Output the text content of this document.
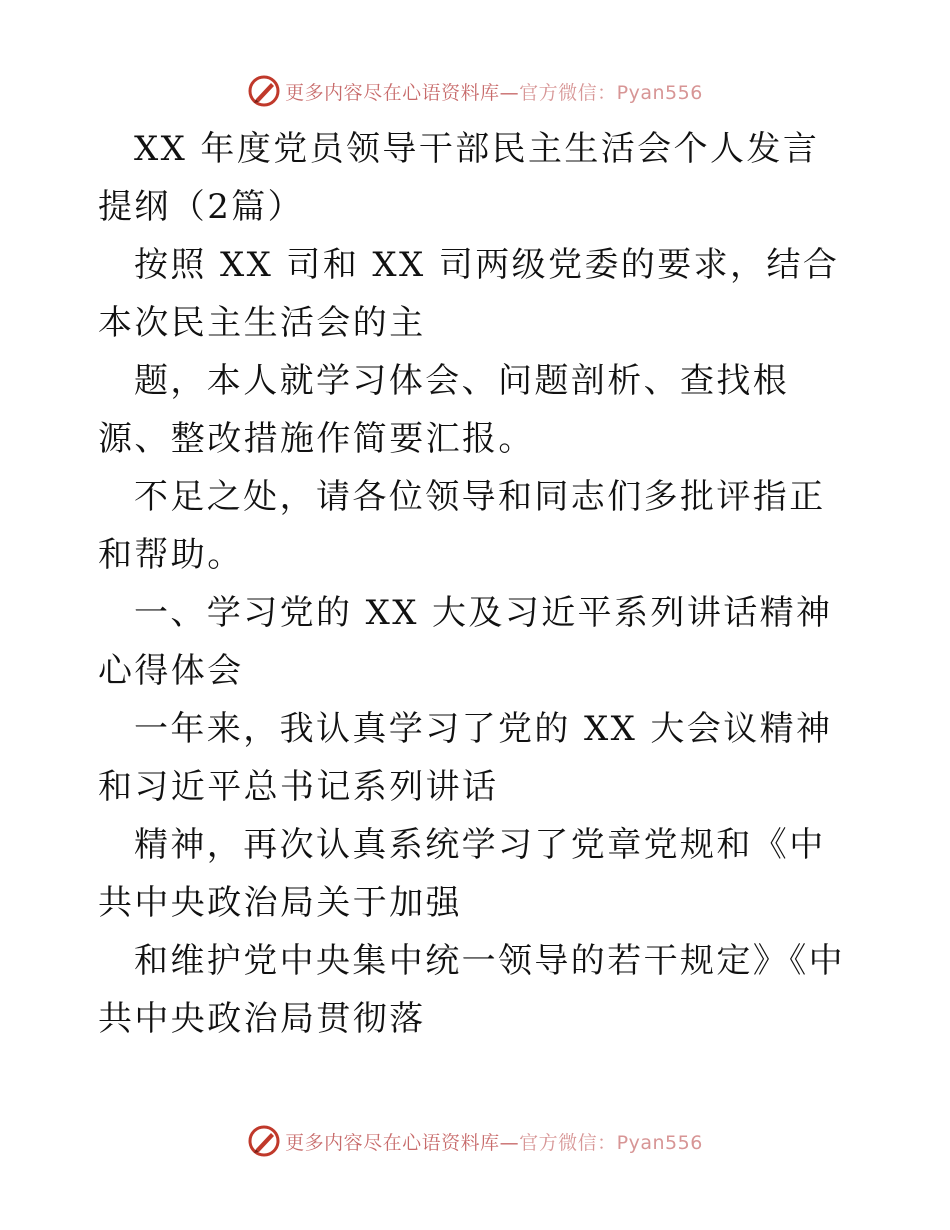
更多内容尽在心语资料库—官方微信：Pyan556

XX 年度党员领导干部民主生活会个人发言提纲（2篇）

按照 XX 司和 XX 司两级党委的要求，结合本次民主生活会的主

题，本人就学习体会、问题剖析、查找根源、整改措施作简要汇报。

不足之处，请各位领导和同志们多批评指正和帮助。

一、学习党的 XX 大及习近平系列讲话精神心得体会

一年来，我认真学习了党的 XX 大会议精神和习近平总书记系列讲话

精神，再次认真系统学习了党章党规和《中共中央政治局关于加强

和维护党中央集中统一领导的若干规定》《中共中央政治局贯彻落

更多内容尽在心语资料库—官方微信：Pyan556
